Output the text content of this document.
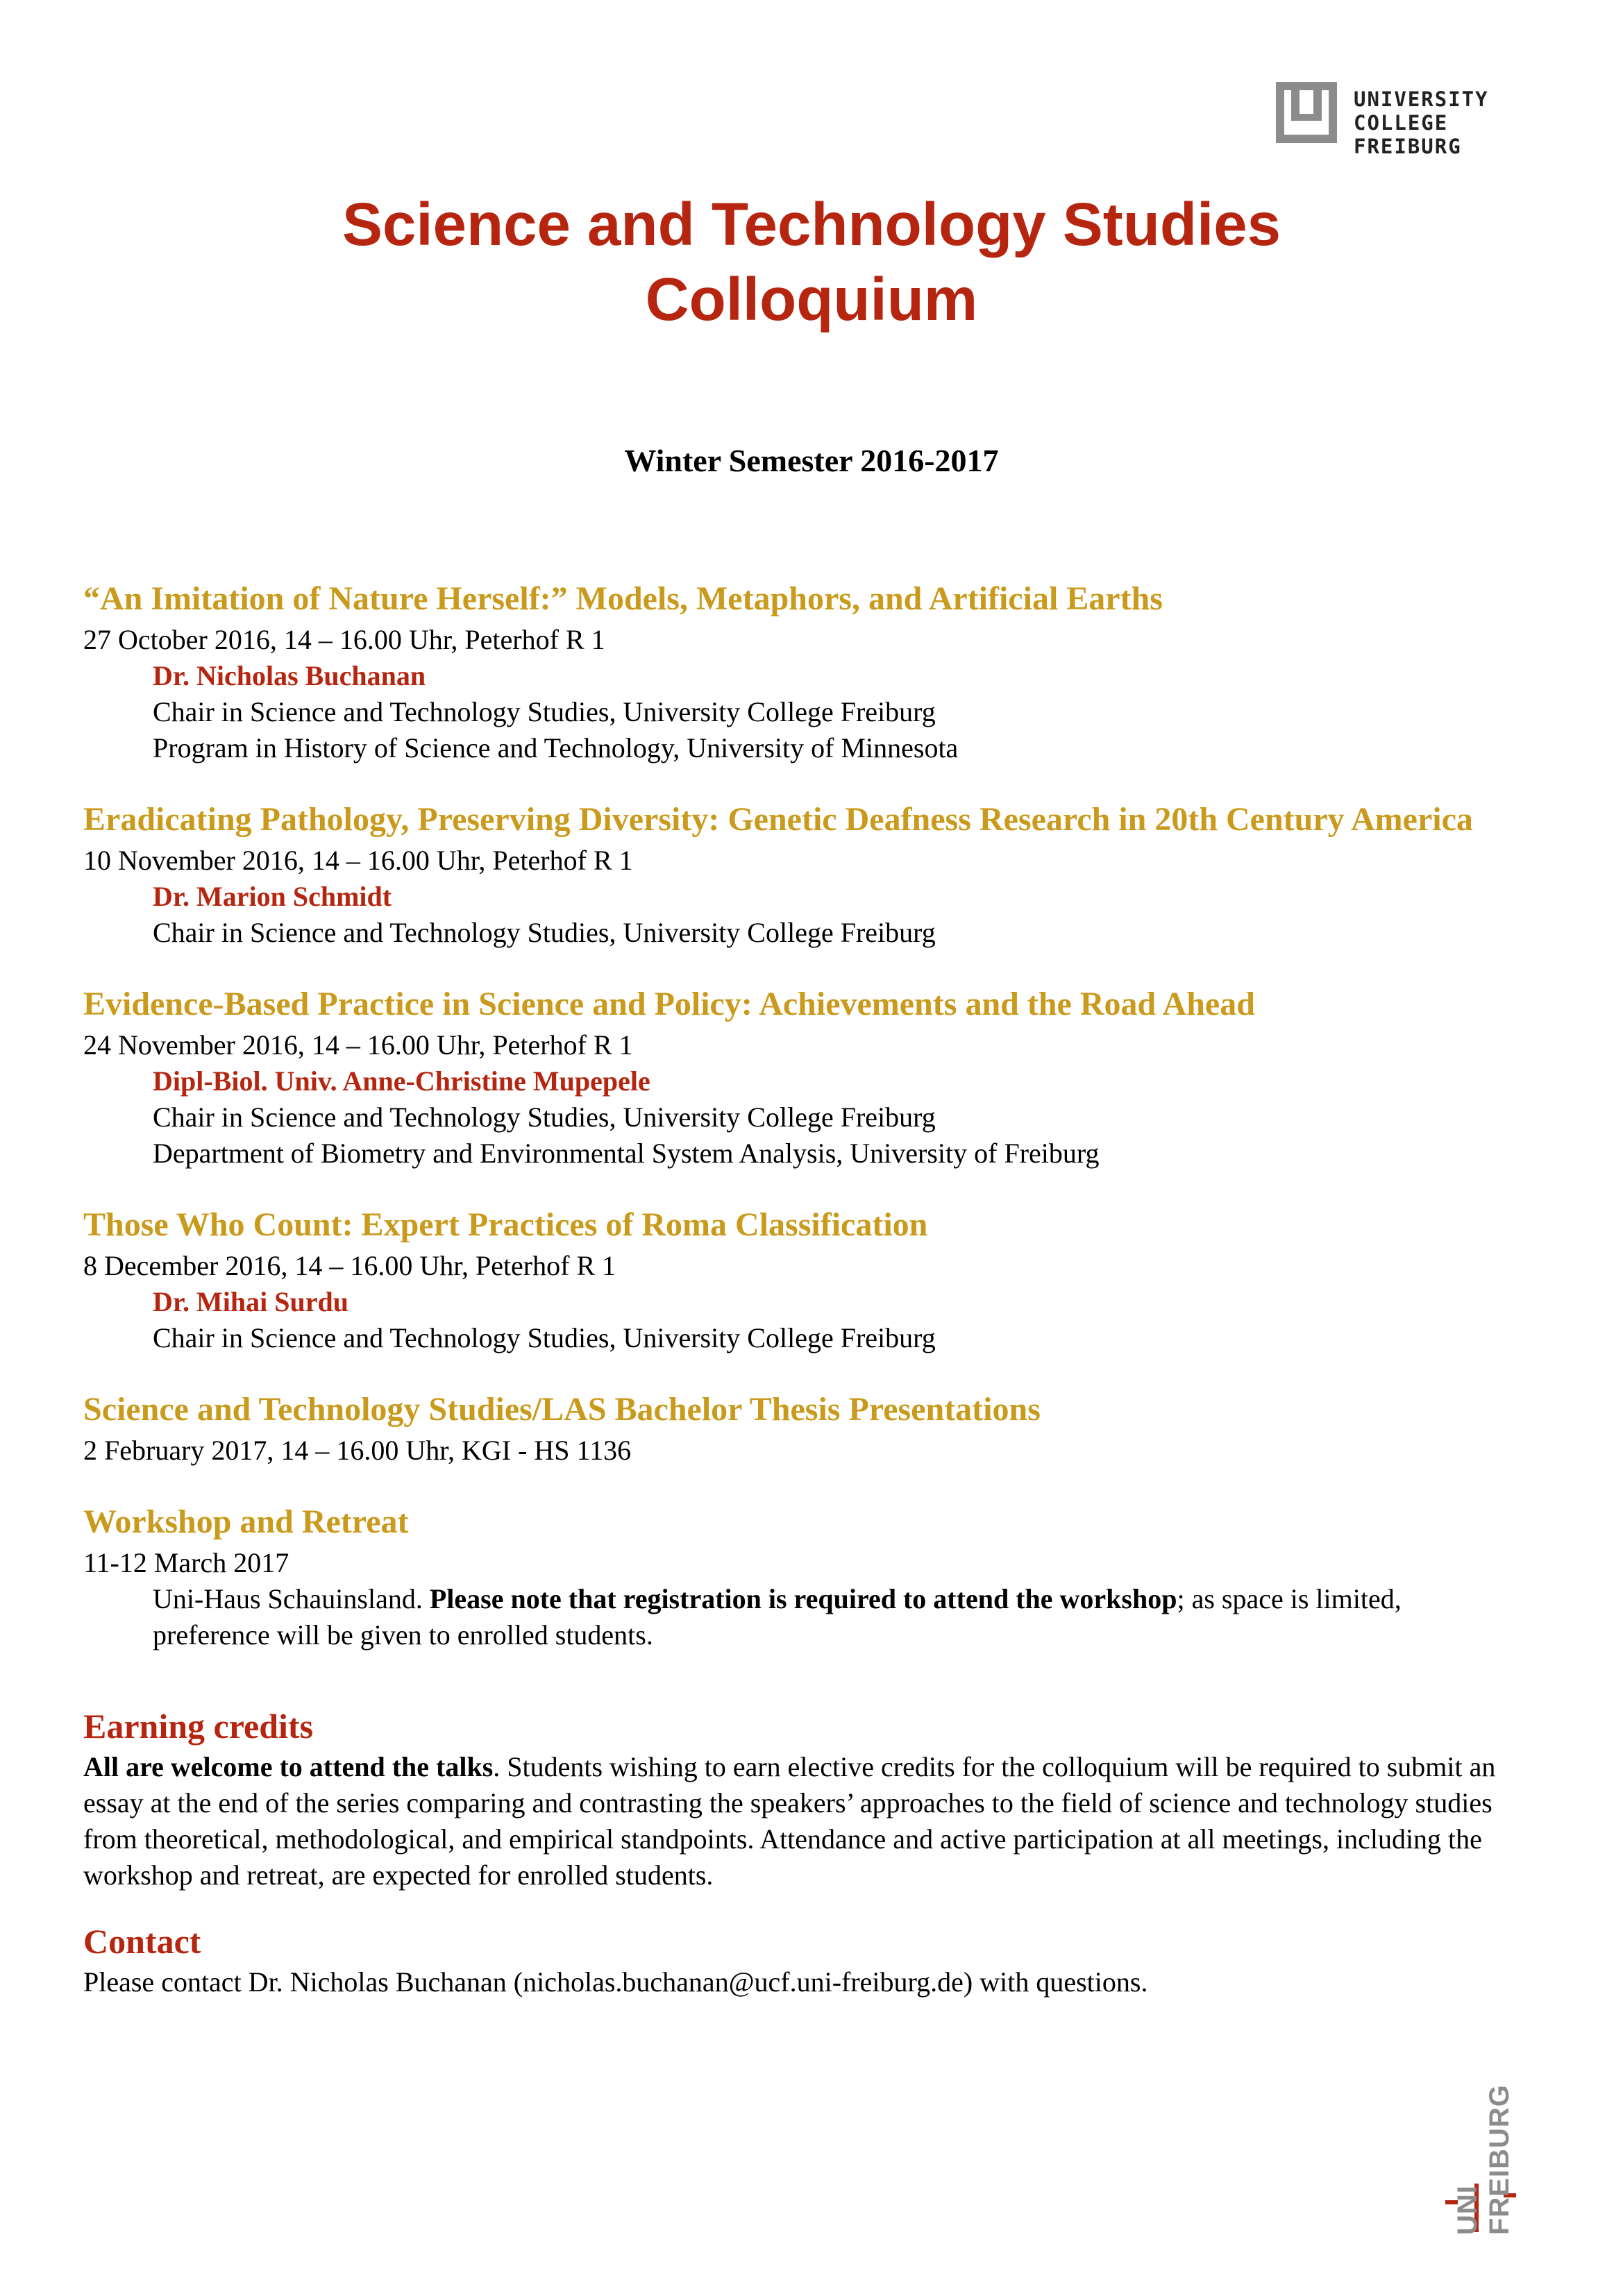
UNIVERSITY
COLLEGE
FREIBURG
Science and Technology Studies
Colloquium
Winter Semester 2016-2017
“An Imitation of Nature Herself:” Models, Metaphors, and Artificial Earths
27 October 2016, 14 – 16.00 Uhr, Peterhof R 1
Dr. Nicholas Buchanan
Chair in Science and Technology Studies, University College Freiburg
Program in History of Science and Technology, University of Minnesota
Eradicating Pathology, Preserving Diversity: Genetic Deafness Research in 20th Century America
10 November 2016, 14 – 16.00 Uhr, Peterhof R 1
Dr. Marion Schmidt
Chair in Science and Technology Studies, University College Freiburg
Evidence-Based Practice in Science and Policy: Achievements and the Road Ahead
24 November 2016, 14 – 16.00 Uhr, Peterhof R 1
Dipl-Biol. Univ. Anne-Christine Mupepele
Chair in Science and Technology Studies, University College Freiburg
Department of Biometry and Environmental System Analysis, University of Freiburg
Those Who Count: Expert Practices of Roma Classification
8 December 2016, 14 – 16.00 Uhr, Peterhof R 1
Dr. Mihai Surdu
Chair in Science and Technology Studies, University College Freiburg
Science and Technology Studies/LAS Bachelor Thesis Presentations
2 February 2017, 14 – 16.00 Uhr, KGI - HS 1136
Workshop and Retreat
11-12 March 2017
Uni-Haus Schauinsland. Please note that registration is required to attend the workshop; as space is limited, preference will be given to enrolled students.
Earning credits
All are welcome to attend the talks. Students wishing to earn elective credits for the colloquium will be required to submit an essay at the end of the series comparing and contrasting the speakers’ approaches to the field of science and technology studies from theoretical, methodological, and empirical standpoints. Attendance and active participation at all meetings, including the workshop and retreat, are expected for enrolled students.
Contact
Please contact Dr. Nicholas Buchanan (nicholas.buchanan@ucf.uni-freiburg.de) with questions.
UNI FREIBURG
